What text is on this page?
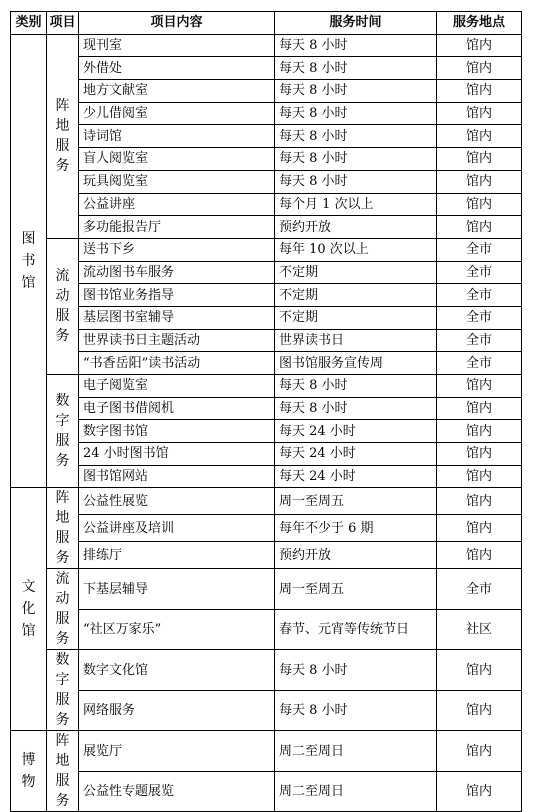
类别	项目	项目内容	服务时间	服务地点
图书馆	阵地服务	现刊室	每天 8 小时	馆内
		外借处	每天 8 小时	馆内
		地方文献室	每天 8 小时	馆内
		少儿借阅室	每天 8 小时	馆内
		诗词馆	每天 8 小时	馆内
		盲人阅览室	每天 8 小时	馆内
		玩具阅览室	每天 8 小时	馆内
		公益讲座	每个月 1 次以上	馆内
		多功能报告厅	预约开放	馆内
	流动服务	送书下乡	每年 10 次以上	全市
		流动图书车服务	不定期	全市
		图书馆业务指导	不定期	全市
		基层图书室辅导	不定期	全市
		世界读书日主题活动	世界读书日	全市
		“书香岳阳”读书活动	图书馆服务宣传周	全市
	数字服务	电子阅览室	每天 8 小时	馆内
		电子图书借阅机	每天 8 小时	馆内
		数字图书馆	每天 24 小时	馆内
		24 小时图书馆	每天 24 小时	馆内
		图书馆网站	每天 24 小时	馆内
文化馆	阵地服务	公益性展览	周一至周五	馆内
		公益讲座及培训	每年不少于 6 期	馆内
		排练厅	预约开放	馆内
	流动服务	下基层辅导	周一至周五	全市
		“社区万家乐”	春节、元宵等传统节日	社区
	数字服务	数字文化馆	每天 8 小时	馆内
		网络服务	每天 8 小时	馆内
博物	阵地服务	展览厅	周二至周日	馆内
		公益性专题展览	周二至周日	馆内
